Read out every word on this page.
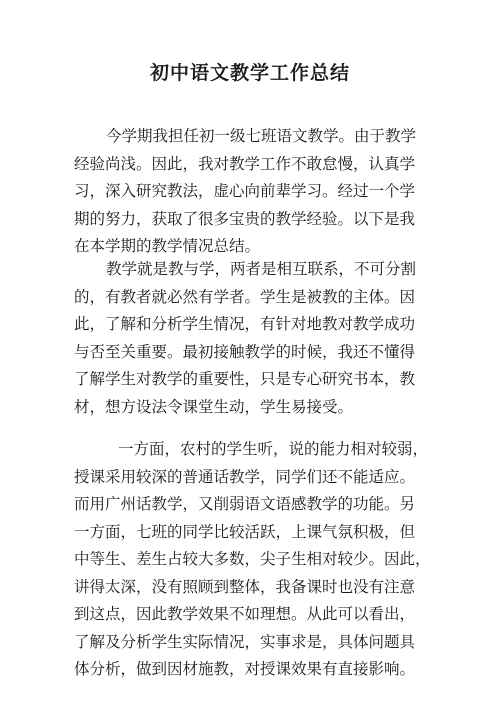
初中语文教学工作总结
今学期我担任初一级七班语文教学。由于教学
经验尚浅。因此，我对教学工作不敢怠慢，认真学
习，深入研究教法，虚心向前辈学习。经过一个学
期的努力，获取了很多宝贵的教学经验。以下是我
在本学期的教学情况总结。
教学就是教与学，两者是相互联系，不可分割
的，有教者就必然有学者。学生是被教的主体。因
此，了解和分析学生情况，有针对地教对教学成功
与否至关重要。最初接触教学的时候，我还不懂得
了解学生对教学的重要性，只是专心研究书本，教
材，想方设法令课堂生动，学生易接受。
一方面，农村的学生听，说的能力相对较弱，
授课采用较深的普通话教学，同学们还不能适应。
而用广州话教学，又削弱语文语感教学的功能。另
一方面，七班的同学比较活跃，上课气氛积极，但
中等生、差生占较大多数，尖子生相对较少。因此，
讲得太深，没有照顾到整体，我备课时也没有注意
到这点，因此教学效果不如理想。从此可以看出，
了解及分析学生实际情况，实事求是，具体问题具
体分析，做到因材施教，对授课效果有直接影响。
